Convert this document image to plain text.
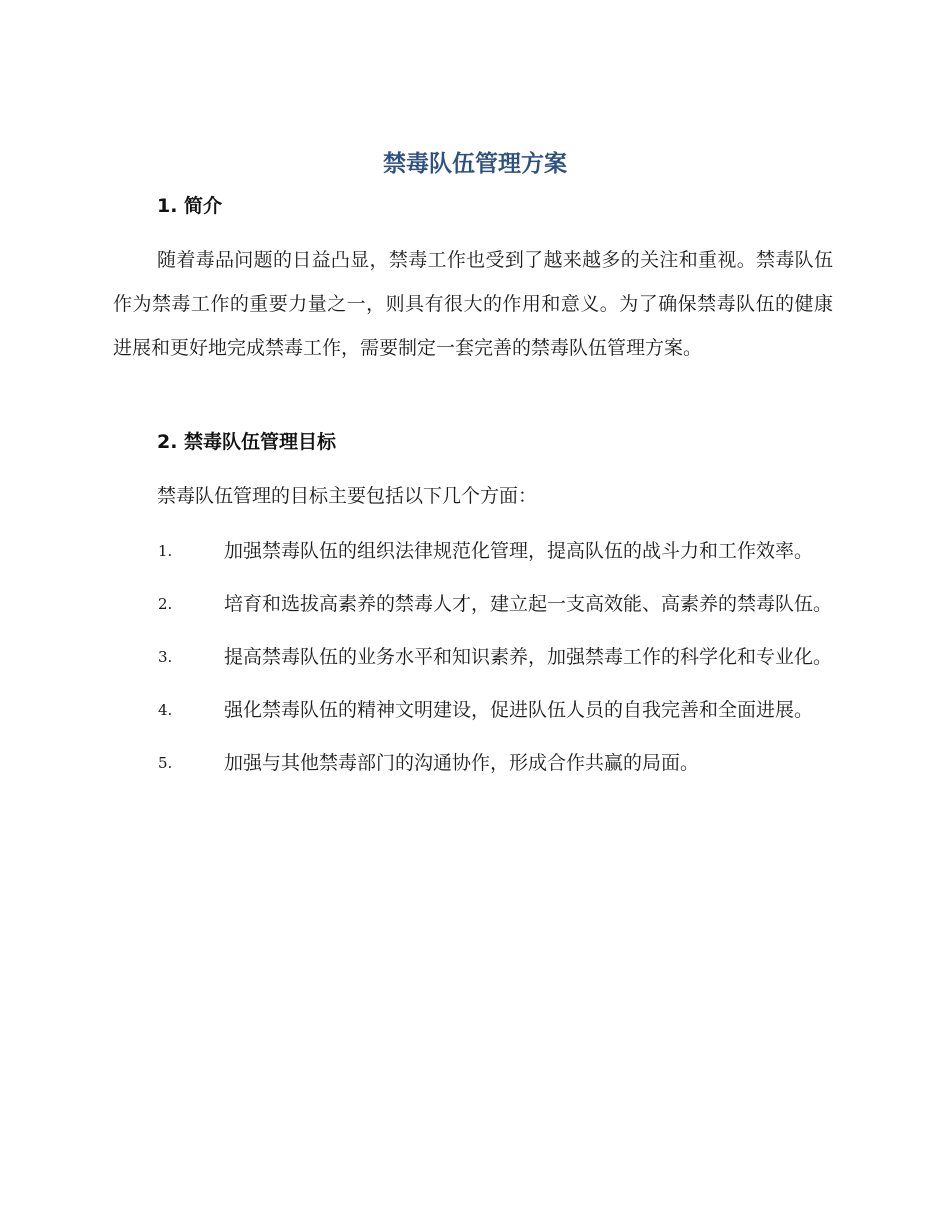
禁毒队伍管理方案
1. 简介

随着毒品问题的日益凸显，禁毒工作也受到了越来越多的关注和重视。禁毒队伍作为禁毒工作的重要力量之一，则具有很大的作用和意义。为了确保禁毒队伍的健康进展和更好地完成禁毒工作，需要制定一套完善的禁毒队伍管理方案。

2. 禁毒队伍管理目标

禁毒队伍管理的目标主要包括以下几个方面：

1.	加强禁毒队伍的组织法律规范化管理，提高队伍的战斗力和工作效率。
2.	培育和选拔高素养的禁毒人才，建立起一支高效能、高素养的禁毒队伍。
3.	提高禁毒队伍的业务水平和知识素养，加强禁毒工作的科学化和专业化。
4.	强化禁毒队伍的精神文明建设，促进队伍人员的自我完善和全面进展。
5.	加强与其他禁毒部门的沟通协作，形成合作共赢的局面。
